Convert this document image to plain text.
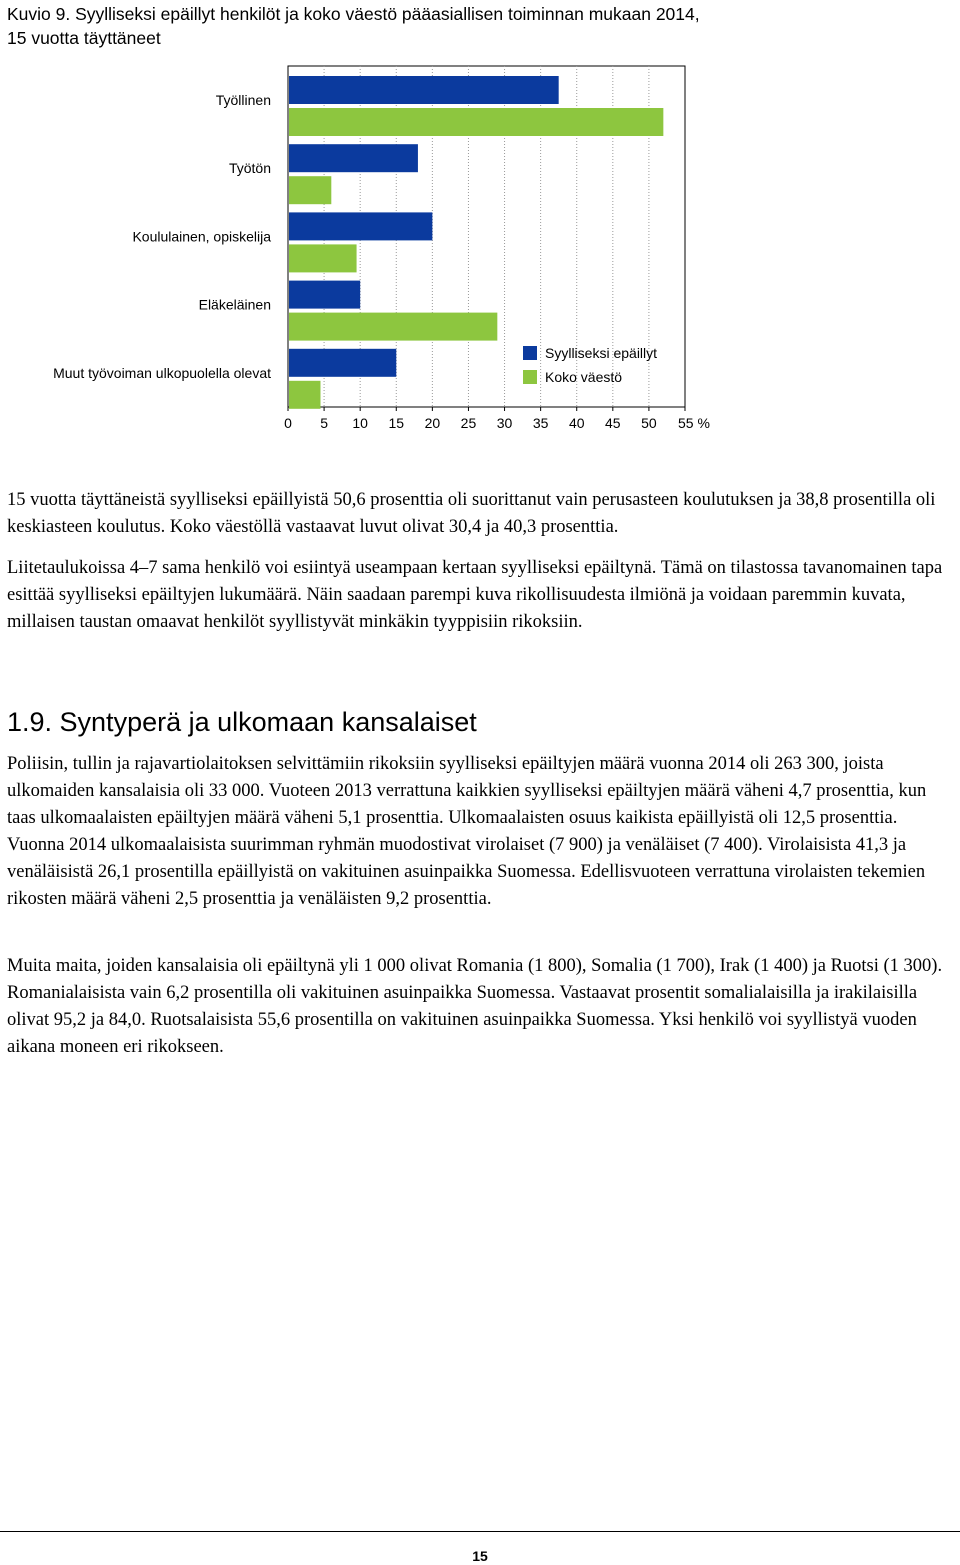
Kuvio 9. Syylliseksi epäillyt henkilöt ja koko väestö pääasiallisen toiminnan mukaan 2014, 15 vuotta täyttäneet
0 5 10 15 20 25 30 35 40 45 50 55 %
Työllinen
Työtön
Koululainen, opiskelija
Eläkeläinen
Muut työvoiman ulkopuolella olevat
Syylliseksi epäillyt
Koko väestö

15 vuotta täyttäneistä syylliseksi epäillyistä 50,6 prosenttia oli suorittanut vain perusasteen koulutuksen ja 38,8 prosentilla oli keskiasteen koulutus. Koko väestöllä vastaavat luvut olivat 30,4 ja 40,3 prosenttia.

Liitetaulukoissa 4–7 sama henkilö voi esiintyä useampaan kertaan syylliseksi epäiltynä. Tämä on tilastossa tavanomainen tapa esittää syylliseksi epäiltyjen lukumäärä. Näin saadaan parempi kuva rikollisuudesta ilmiönä ja voidaan paremmin kuvata, millaisen taustan omaavat henkilöt syyllistyvät minkäkin tyyppisiin rikoksiin.

1.9. Syntyperä ja ulkomaan kansalaiset

Poliisin, tullin ja rajavartiolaitoksen selvittämiin rikoksiin syylliseksi epäiltyjen määrä vuonna 2014 oli 263 300, joista ulkomaiden kansalaisia oli 33 000. Vuoteen 2013 verrattuna kaikkien syylliseksi epäiltyjen määrä väheni 4,7 prosenttia, kun taas ulkomaalaisten epäiltyjen määrä väheni 5,1 prosenttia. Ulkomaalaisten osuus kaikista epäillyistä oli 12,5 prosenttia. Vuonna 2014 ulkomaalaisista suurimman ryhmän muodostivat virolaiset (7 900) ja venäläiset (7 400). Virolaisista 41,3 ja venäläisistä 26,1 prosentilla epäillyistä on vakituinen asuinpaikka Suomessa. Edellisvuoteen verrattuna virolaisten tekemien rikosten määrä väheni 2,5 prosenttia ja venäläisten 9,2 prosenttia.

Muita maita, joiden kansalaisia oli epäiltynä yli 1 000 olivat Romania (1 800), Somalia (1 700), Irak (1 400) ja Ruotsi (1 300). Romanialaisista vain 6,2 prosentilla oli vakituinen asuinpaikka Suomessa. Vastaavat prosentit somalialaisilla ja irakilaisilla olivat 95,2 ja 84,0. Ruotsalaisista 55,6 prosentilla on vakituinen asuinpaikka Suomessa. Yksi henkilö voi syyllistyä vuoden aikana moneen eri rikokseen.

15
